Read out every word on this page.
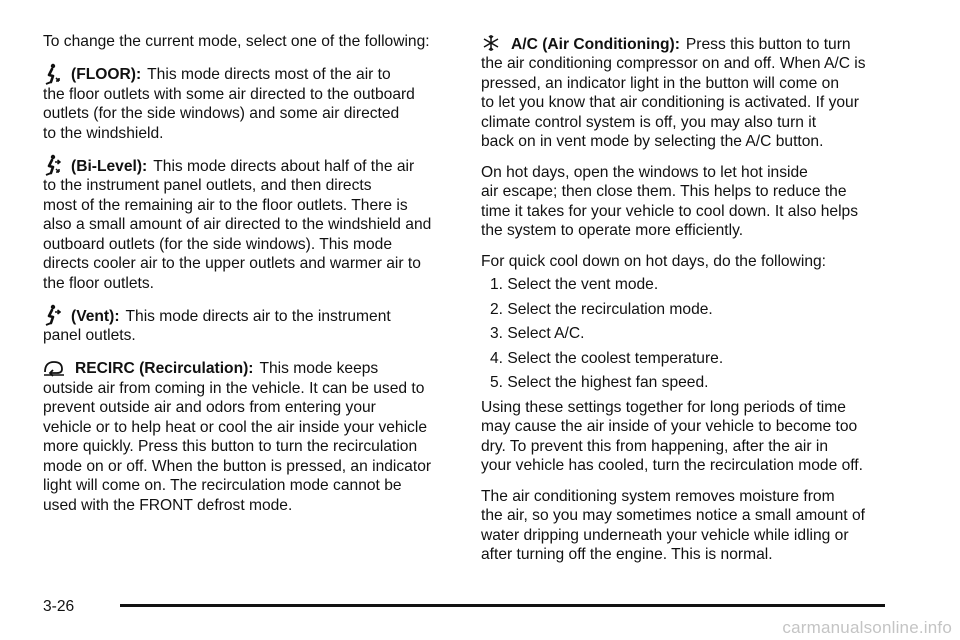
To change the current mode, select one of the following:

(FLOOR): This mode directs most of the air to
the floor outlets with some air directed to the outboard
outlets (for the side windows) and some air directed
to the windshield.
(Bi-Level): This mode directs about half of the air
to the instrument panel outlets, and then directs
most of the remaining air to the floor outlets. There is
also a small amount of air directed to the windshield and
outboard outlets (for the side windows). This mode
directs cooler air to the upper outlets and warmer air to
the floor outlets.
(Vent): This mode directs air to the instrument
panel outlets.
RECIRC (Recirculation): This mode keeps
outside air from coming in the vehicle. It can be used to
prevent outside air and odors from entering your
vehicle or to help heat or cool the air inside your vehicle
more quickly. Press this button to turn the recirculation
mode on or off. When the button is pressed, an indicator
light will come on. The recirculation mode cannot be
used with the FRONT defrost mode.
A/C (Air Conditioning): Press this button to turn
the air conditioning compressor on and off. When A/C is
pressed, an indicator light in the button will come on
to let you know that air conditioning is activated. If your
climate control system is off, you may also turn it
back on in vent mode by selecting the A/C button.
On hot days, open the windows to let hot inside
air escape; then close them. This helps to reduce the
time it takes for your vehicle to cool down. It also helps
the system to operate more efficiently.
For quick cool down on hot days, do the following:
1. Select the vent mode.
2. Select the recirculation mode.
3. Select A/C.
4. Select the coolest temperature.
5. Select the highest fan speed.
Using these settings together for long periods of time
may cause the air inside of your vehicle to become too
dry. To prevent this from happening, after the air in
your vehicle has cooled, turn the recirculation mode off.
The air conditioning system removes moisture from
the air, so you may sometimes notice a small amount of
water dripping underneath your vehicle while idling or
after turning off the engine. This is normal.
3-26
carmanualsonline.info
